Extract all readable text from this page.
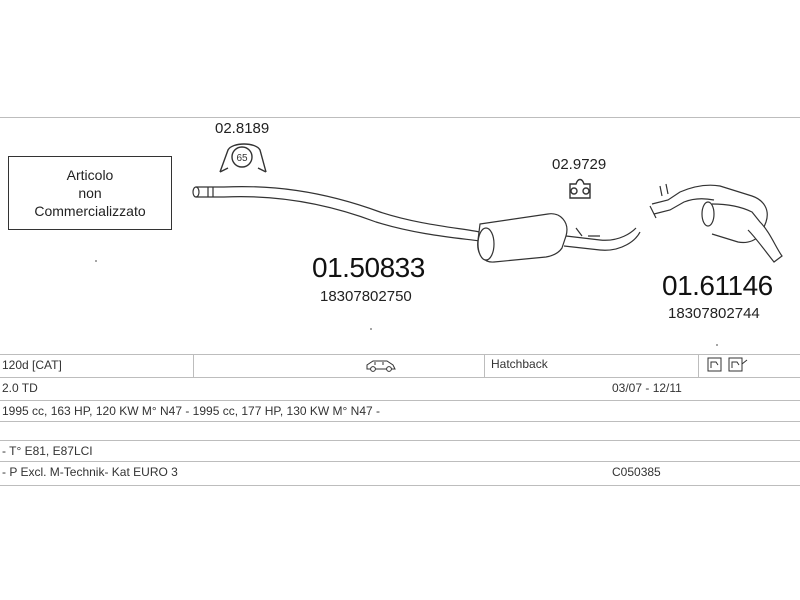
65
Articolo
non
Commercializzato
02.8189
02.9729
01.50833
18307802750	01.61146
18307802744
120d [CAT]	Hatchback
2.0 TD	03/07 - 12/11
1995 cc, 163 HP, 120 KW M° N47 - 1995 cc, 177 HP, 130 KW M° N47 -
- T° E81, E87LCI
- P Excl. M-Technik- Kat EURO 3	C050385
